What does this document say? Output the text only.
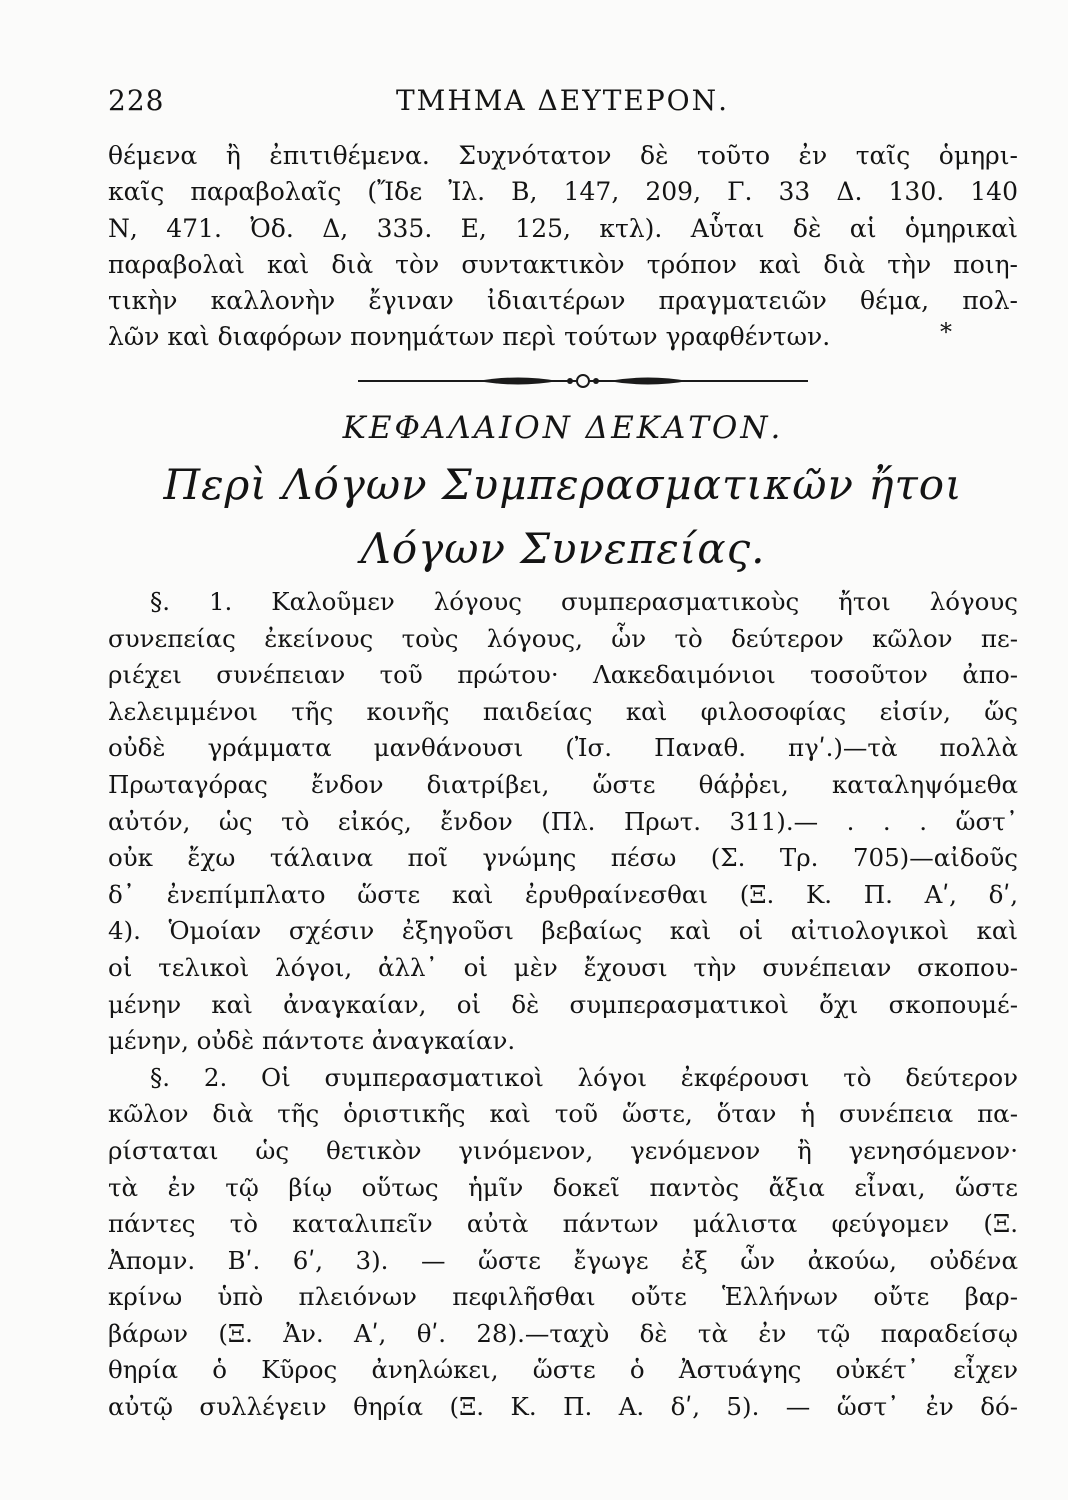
228	ΤΜΗΜΑ ΔΕΥΤΕΡΟΝ.
θέμενα ἢ ἐπιτιθέμενα. Συχνότατον δὲ τοῦτο ἐν ταῖς ὁμηρι-
καῖς παραβολαῖς (Ἴδε Ἰλ. Β, 147, 209, Γ. 33 Δ. 130. 140
Ν, 471. Ὀδ. Δ, 335. Ε, 125, κτλ). Αὗται δὲ αἱ ὁμηρικαὶ
παραβολαὶ καὶ διὰ τὸν συντακτικὸν τρόπον καὶ διὰ τὴν ποιη-
τικὴν καλλονὴν ἔγιναν ἰδιαιτέρων πραγματειῶν θέμα, πολ-
λῶν καὶ διαφόρων πονημάτων περὶ τούτων γραφθέντων.	*
ΚΕΦΑΛΑΙΟΝ ΔΕΚΑΤΟΝ.
Περὶ Λόγων Συμπερασματικῶν ἤτοι
Λόγων Συνεπείας.
§. 1. Καλοῦμεν λόγους συμπερασματικοὺς ἤτοι λόγους
συνεπείας ἐκείνους τοὺς λόγους, ὧν τὸ δεύτερον κῶλον πε-
ριέχει συνέπειαν τοῦ πρώτου· Λακεδαιμόνιοι τοσοῦτον ἀπο-
λελειμμένοι τῆς κοινῆς παιδείας καὶ φιλοσοφίας εἰσίν, ὥς
οὐδὲ γράμματα μανθάνουσι (Ἰσ. Παναθ. πγʹ.)—τὰ πολλὰ
Πρωταγόρας ἔνδον διατρίβει, ὥστε θάῤῥει, καταληψόμεθα
αὐτόν, ὡς τὸ εἰκός, ἔνδον (Πλ. Πρωτ. 311).— . . . ὥστ᾽
οὐκ ἔχω τάλαινα ποῖ γνώμης πέσω (Σ. Τρ. 705)—αἰδοῦς
δ᾽ ἐνεπίμπλατο ὥστε καὶ ἐρυθραίνεσθαι (Ξ. Κ. Π. Αʹ, δʹ,
4). Ὁμοίαν σχέσιν ἐξηγοῦσι βεβαίως καὶ οἱ αἰτιολογικοὶ καὶ
οἱ τελικοὶ λόγοι, ἀλλ᾽ οἱ μὲν ἔχουσι τὴν συνέπειαν σκοπου-
μένην καὶ ἀναγκαίαν, οἱ δὲ συμπερασματικοὶ ὄχι σκοπουμέ-
μένην, οὐδὲ πάντοτε ἀναγκαίαν.
§. 2. Οἱ συμπερασματικοὶ λόγοι ἐκφέρουσι τὸ δεύτερον
κῶλον διὰ τῆς ὁριστικῆς καὶ τοῦ ὥστε, ὅταν ἡ συνέπεια πα-
ρίσταται ὡς θετικὸν γινόμενον, γενόμενον ἢ γενησόμενον·
τὰ ἐν τῷ βίῳ οὕτως ἡμῖν δοκεῖ παντὸς ἄξια εἶναι, ὥστε
πάντες τὸ καταλιπεῖν αὐτὰ πάντων μάλιστα φεύγομεν (Ξ.
Ἀπομν. Βʹ. 6ʹ, 3). — ὥστε ἔγωγε ἐξ ὧν ἀκούω, οὐδένα
κρίνω ὑπὸ πλειόνων πεφιλῆσθαι οὔτε Ἑλλήνων οὔτε βαρ-
βάρων (Ξ. Ἀν. Αʹ, θʹ. 28).—ταχὺ δὲ τὰ ἐν τῷ παραδείσῳ
θηρία ὁ Κῦρος ἀνηλώκει, ὥστε ὁ Ἀστυάγης οὐκέτ᾽ εἶχεν
αὐτῷ συλλέγειν θηρία (Ξ. Κ. Π. Α. δʹ, 5). — ὥστ᾽ ἐν δό-
